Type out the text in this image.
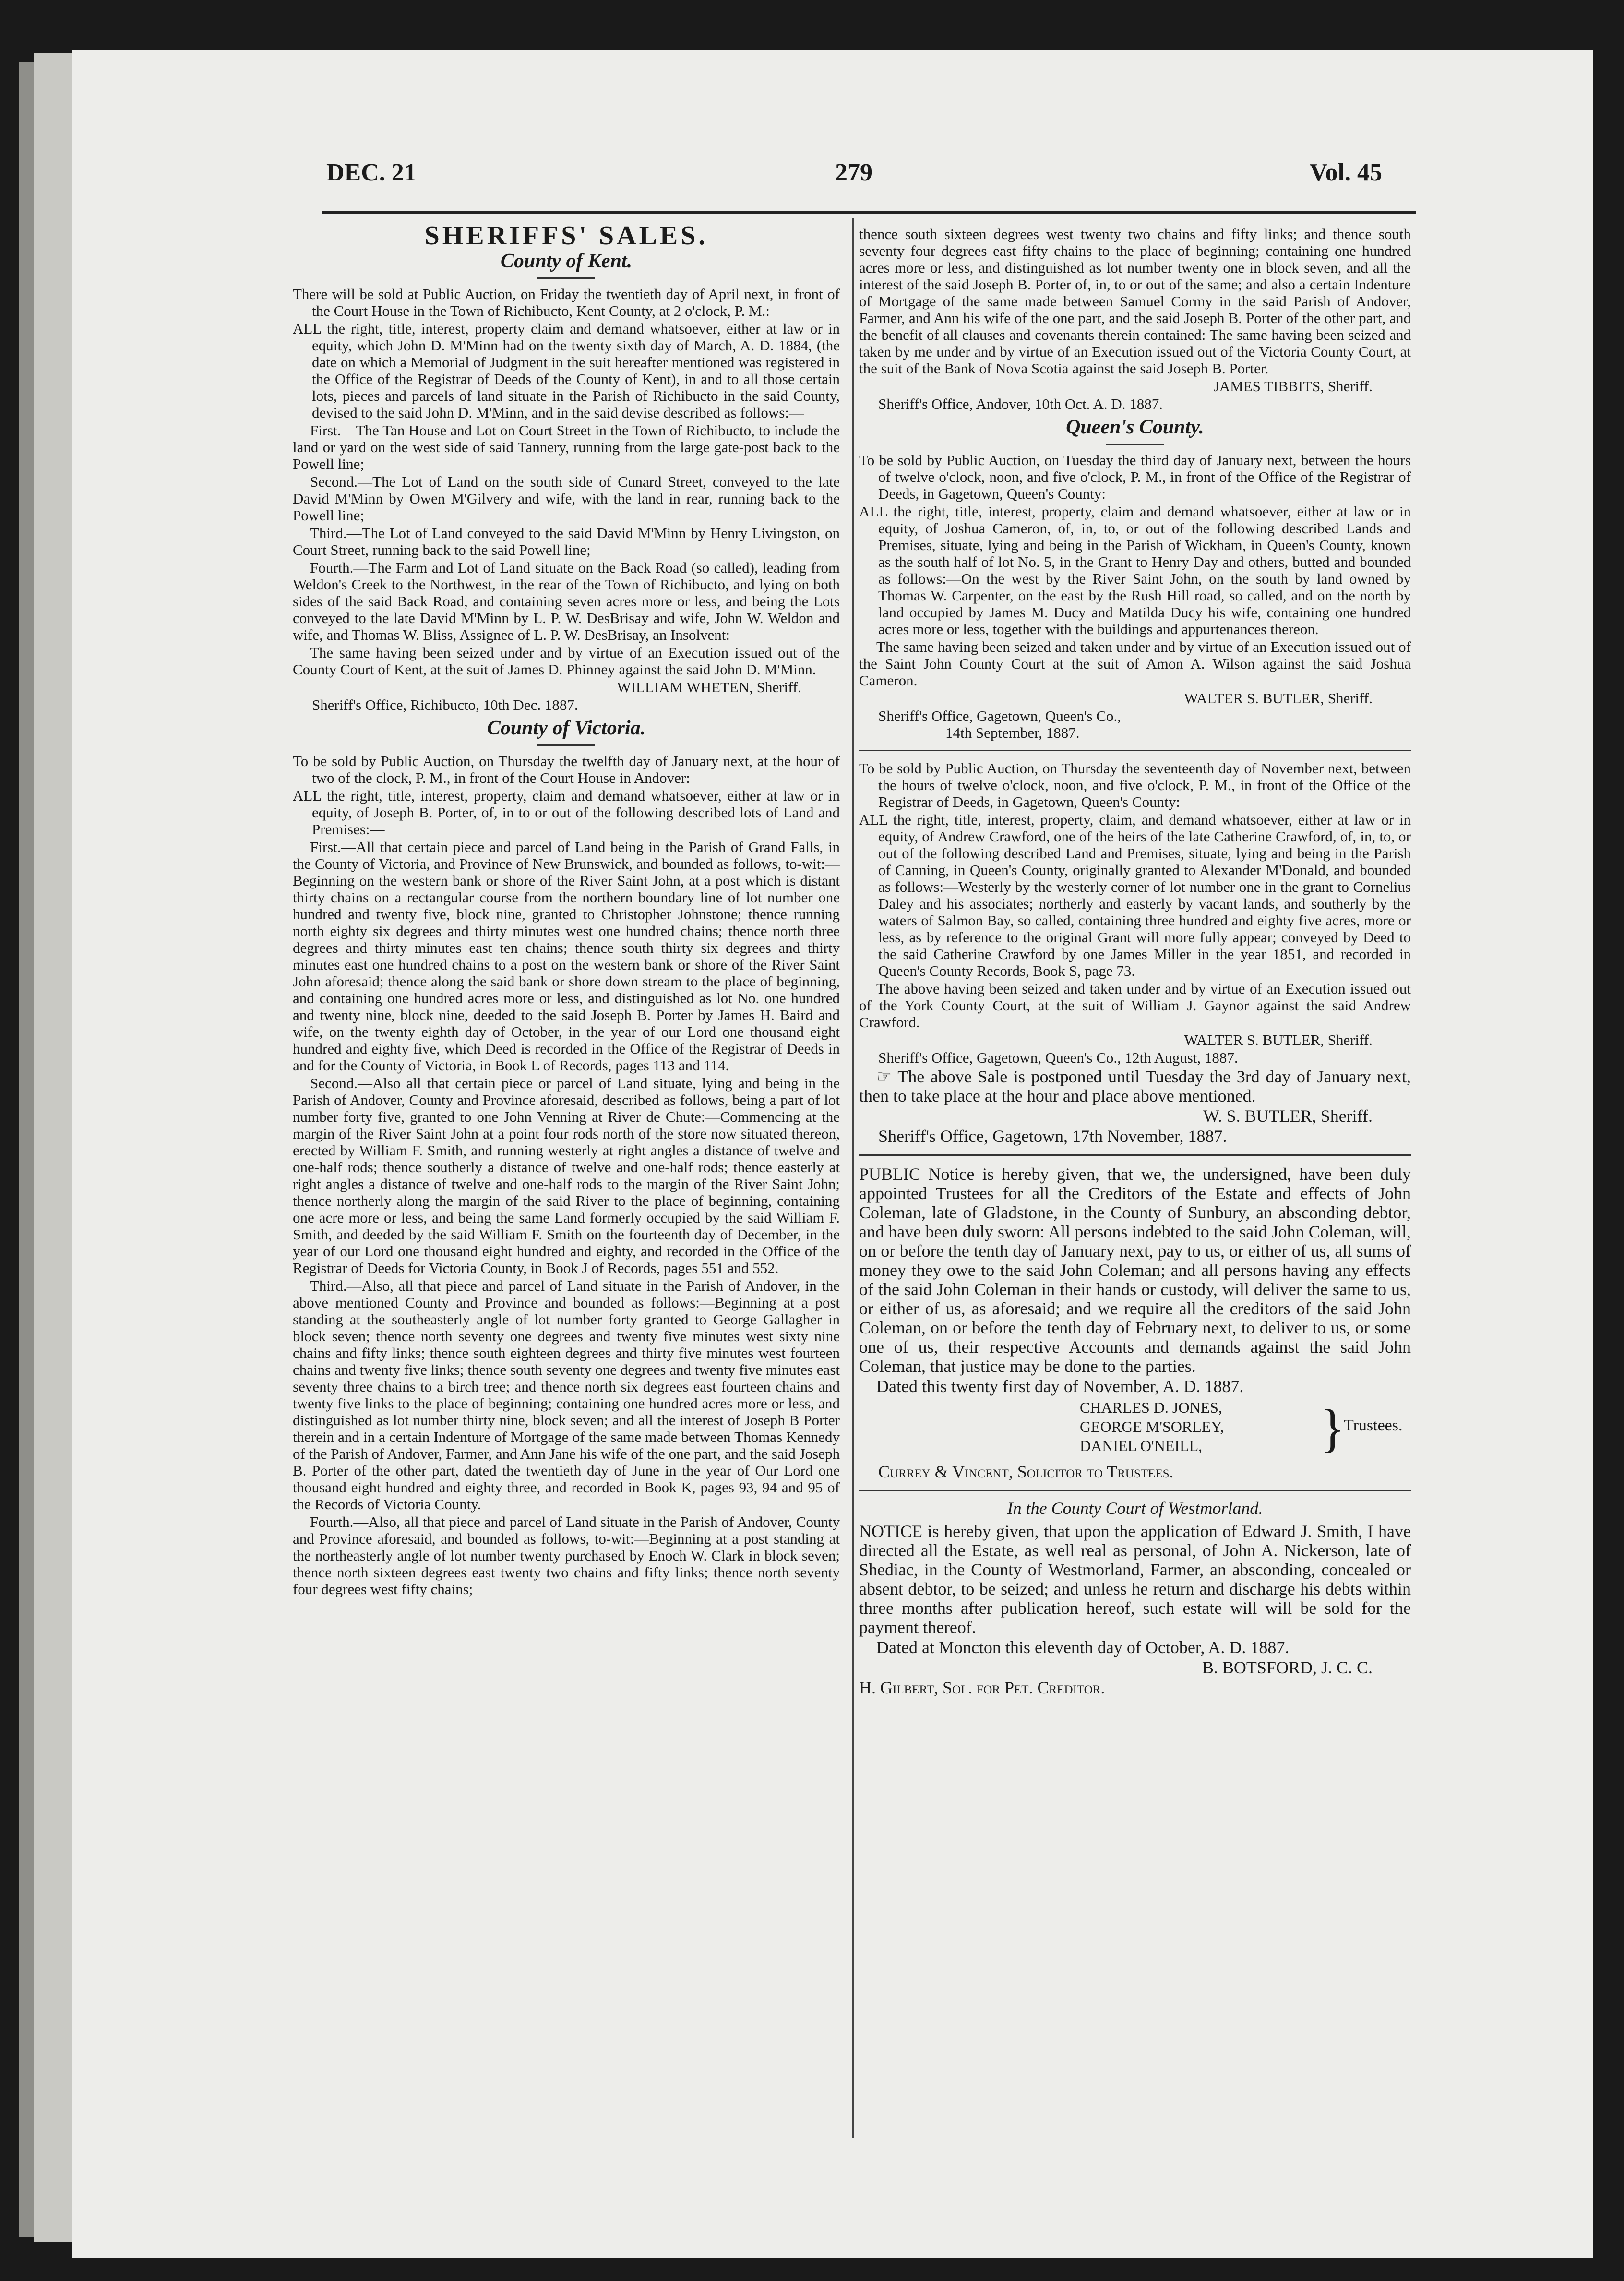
DEC. 21	279	Vol. 45
SHERIFFS' SALES.
County of Kent.

There will be sold at Public Auction, on Friday the twentieth day of April next, in front of the Court House in the Town of Richibucto, Kent County, at 2 o'clock, P. M.:

ALL the right, title, interest, property claim and demand whatsoever, either at law or in equity, which John D. M'Minn had on the twenty sixth day of March, A. D. 1884, (the date on which a Memorial of Judgment in the suit hereafter mentioned was registered in the Office of the Registrar of Deeds of the County of Kent), in and to all those certain lots, pieces and parcels of land situate in the Parish of Richibucto in the said County, devised to the said John D. M'Minn, and in the said devise described as follows:—

First.—The Tan House and Lot on Court Street in the Town of Richibucto, to include the land or yard on the west side of said Tannery, running from the large gate-post back to the Powell line;

Second.—The Lot of Land on the south side of Cunard Street, conveyed to the late David M'Minn by Owen M'Gilvery and wife, with the land in rear, running back to the Powell line;

Third.—The Lot of Land conveyed to the said David M'Minn by Henry Livingston, on Court Street, running back to the said Powell line;

Fourth.—The Farm and Lot of Land situate on the Back Road (so called), leading from Weldon's Creek to the Northwest, in the rear of the Town of Richibucto, and lying on both sides of the said Back Road, and containing seven acres more or less, and being the Lots conveyed to the late David M'Minn by L. P. W. DesBrisay and wife, John W. Weldon and wife, and Thomas W. Bliss, Assignee of L. P. W. DesBrisay, an Insolvent:

The same having been seized under and by virtue of an Execution issued out of the County Court of Kent, at the suit of James D. Phinney against the said John D. M'Minn.

WILLIAM WHETEN, Sheriff.

Sheriff's Office, Richibucto, 10th Dec. 1887.

County of Victoria.

To be sold by Public Auction, on Thursday the twelfth day of January next, at the hour of two of the clock, P. M., in front of the Court House in Andover:

ALL the right, title, interest, property, claim and demand whatsoever, either at law or in equity, of Joseph B. Porter, of, in to or out of the following described lots of Land and Premises:—

First.—All that certain piece and parcel of Land being in the Parish of Grand Falls, in the County of Victoria, and Province of New Brunswick, and bounded as follows, to-wit:—Beginning on the western bank or shore of the River Saint John, at a post which is distant thirty chains on a rectangular course from the northern boundary line of lot number one hundred and twenty five, block nine, granted to Christopher Johnstone; thence running north eighty six degrees and thirty minutes west one hundred chains; thence north three degrees and thirty minutes east ten chains; thence south thirty six degrees and thirty minutes east one hundred chains to a post on the western bank or shore of the River Saint John aforesaid; thence along the said bank or shore down stream to the place of beginning, and containing one hundred acres more or less, and distinguished as lot No. one hundred and twenty nine, block nine, deeded to the said Joseph B. Porter by James H. Baird and wife, on the twenty eighth day of October, in the year of our Lord one thousand eight hundred and eighty five, which Deed is recorded in the Office of the Registrar of Deeds in and for the County of Victoria, in Book L of Records, pages 113 and 114.

Second.—Also all that certain piece or parcel of Land situate, lying and being in the Parish of Andover, County and Province aforesaid, described as follows, being a part of lot number forty five, granted to one John Venning at River de Chute:—Commencing at the margin of the River Saint John at a point four rods north of the store now situated thereon, erected by William F. Smith, and running westerly at right angles a distance of twelve and one-half rods; thence southerly a distance of twelve and one-half rods; thence easterly at right angles a distance of twelve and one-half rods to the margin of the River Saint John; thence northerly along the margin of the said River to the place of beginning, containing one acre more or less, and being the same Land formerly occupied by the said William F. Smith, and deeded by the said William F. Smith on the fourteenth day of December, in the year of our Lord one thousand eight hundred and eighty, and recorded in the Office of the Registrar of Deeds for Victoria County, in Book J of Records, pages 551 and 552.

Third.—Also, all that piece and parcel of Land situate in the Parish of Andover, in the above mentioned County and Province and bounded as follows:—Beginning at a post standing at the southeasterly angle of lot number forty granted to George Gallagher in block seven; thence north seventy one degrees and twenty five minutes west sixty nine chains and fifty links; thence south eighteen degrees and thirty five minutes west fourteen chains and twenty five links; thence south seventy one degrees and twenty five minutes east seventy three chains to a birch tree; and thence north six degrees east fourteen chains and twenty five links to the place of beginning; containing one hundred acres more or less, and distinguished as lot number thirty nine, block seven; and all the interest of Joseph B Porter therein and in a certain Indenture of Mortgage of the same made between Thomas Kennedy of the Parish of Andover, Farmer, and Ann Jane his wife of the one part, and the said Joseph B. Porter of the other part, dated the twentieth day of June in the year of Our Lord one thousand eight hundred and eighty three, and recorded in Book K, pages 93, 94 and 95 of the Records of Victoria County.

Fourth.—Also, all that piece and parcel of Land situate in the Parish of Andover, County and Province aforesaid, and bounded as follows, to-wit:—Beginning at a post standing at the northeasterly angle of lot number twenty purchased by Enoch W. Clark in block seven; thence north sixteen degrees east twenty two chains and fifty links; thence north seventy four degrees west fifty chains;

thence south sixteen degrees west twenty two chains and fifty links; and thence south seventy four degrees east fifty chains to the place of beginning; containing one hundred acres more or less, and distinguished as lot number twenty one in block seven, and all the interest of the said Joseph B. Porter of, in, to or out of the same; and also a certain Indenture of Mortgage of the same made between Samuel Cormy in the said Parish of Andover, Farmer, and Ann his wife of the one part, and the said Joseph B. Porter of the other part, and the benefit of all clauses and covenants therein contained: The same having been seized and taken by me under and by virtue of an Execution issued out of the Victoria County Court, at the suit of the Bank of Nova Scotia against the said Joseph B. Porter.

JAMES TIBBITS, Sheriff.

Sheriff's Office, Andover, 10th Oct. A. D. 1887.

Queen's County.

To be sold by Public Auction, on Tuesday the third day of January next, between the hours of twelve o'clock, noon, and five o'clock, P. M., in front of the Office of the Registrar of Deeds, in Gagetown, Queen's County:

ALL the right, title, interest, property, claim and demand whatsoever, either at law or in equity, of Joshua Cameron, of, in, to, or out of the following described Lands and Premises, situate, lying and being in the Parish of Wickham, in Queen's County, known as the south half of lot No. 5, in the Grant to Henry Day and others, butted and bounded as follows:—On the west by the River Saint John, on the south by land owned by Thomas W. Carpenter, on the east by the Rush Hill road, so called, and on the north by land occupied by James M. Ducy and Matilda Ducy his wife, containing one hundred acres more or less, together with the buildings and appurtenances thereon.

The same having been seized and taken under and by virtue of an Execution issued out of the Saint John County Court at the suit of Amon A. Wilson against the said Joshua Cameron.

WALTER S. BUTLER, Sheriff.

Sheriff's Office, Gagetown, Queen's Co.,

14th September, 1887.

To be sold by Public Auction, on Thursday the seventeenth day of November next, between the hours of twelve o'clock, noon, and five o'clock, P. M., in front of the Office of the Registrar of Deeds, in Gagetown, Queen's County:

ALL the right, title, interest, property, claim, and demand whatsoever, either at law or in equity, of Andrew Crawford, one of the heirs of the late Catherine Crawford, of, in, to, or out of the following described Land and Premises, situate, lying and being in the Parish of Canning, in Queen's County, originally granted to Alexander M'Donald, and bounded as follows:—Westerly by the westerly corner of lot number one in the grant to Cornelius Daley and his associates; northerly and easterly by vacant lands, and southerly by the waters of Salmon Bay, so called, containing three hundred and eighty five acres, more or less, as by reference to the original Grant will more fully appear; conveyed by Deed to the said Catherine Crawford by one James Miller in the year 1851, and recorded in Queen's County Records, Book S, page 73.

The above having been seized and taken under and by virtue of an Execution issued out of the York County Court, at the suit of William J. Gaynor against the said Andrew Crawford.

WALTER S. BUTLER, Sheriff.

Sheriff's Office, Gagetown, Queen's Co., 12th August, 1887.

☞ The above Sale is postponed until Tuesday the 3rd day of January next, then to take place at the hour and place above mentioned.

W. S. BUTLER, Sheriff.

Sheriff's Office, Gagetown, 17th November, 1887.

PUBLIC Notice is hereby given, that we, the undersigned, have been duly appointed Trustees for all the Creditors of the Estate and effects of John Coleman, late of Gladstone, in the County of Sunbury, an absconding debtor, and have been duly sworn: All persons indebted to the said John Coleman, will, on or before the tenth day of January next, pay to us, or either of us, all sums of money they owe to the said John Coleman; and all persons having any effects of the said John Coleman in their hands or custody, will deliver the same to us, or either of us, as aforesaid; and we require all the creditors of the said John Coleman, on or before the tenth day of February next, to deliver to us, or some one of us, their respective Accounts and demands against the said John Coleman, that justice may be done to the parties.

Dated this twenty first day of November, A. D. 1887.

CHARLES D. JONES,
GEORGE M'SORLEY,
DANIEL O'NEILL,	}
Trustees.

Currey & Vincent, Solicitor to Trustees.

In the County Court of Westmorland.

NOTICE is hereby given, that upon the application of Edward J. Smith, I have directed all the Estate, as well real as personal, of John A. Nickerson, late of Shediac, in the County of Westmorland, Farmer, an absconding, concealed or absent debtor, to be seized; and unless he return and discharge his debts within three months after publication hereof, such estate will will be sold for the payment thereof.

Dated at Moncton this eleventh day of October, A. D. 1887.

B. BOTSFORD, J. C. C.

H. Gilbert, Sol. for Pet. Creditor.
